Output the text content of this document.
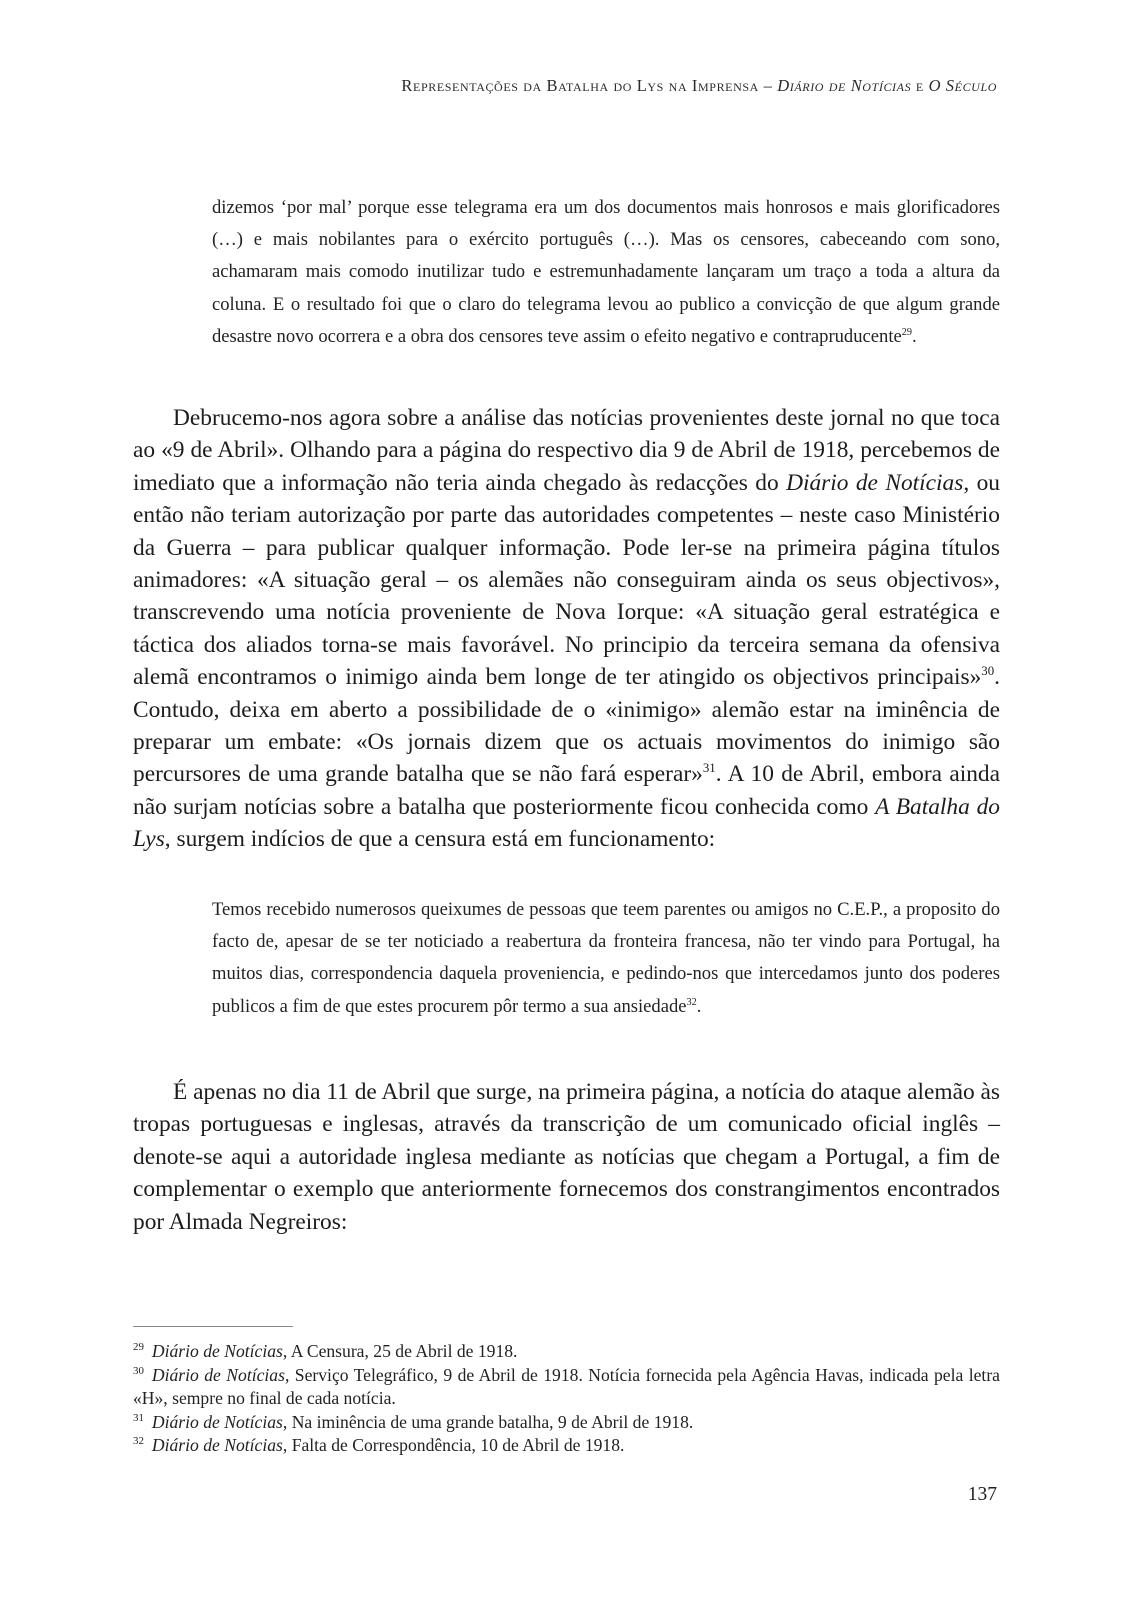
Representações da Batalha do Lys na Imprensa – Diário de Notícias e O Século

dizemos ‘por mal’ porque esse telegrama era um dos documentos mais honrosos e mais glorificadores (…) e mais nobilantes para o exército português (…). Mas os censores, cabeceando com sono, achamaram mais comodo inutilizar tudo e estremunhadamente lançaram um traço a toda a altura da coluna. E o resultado foi que o claro do telegrama levou ao publico a convicção de que algum grande desastre novo ocorrera e a obra dos censores teve assim o efeito negativo e contrapruducente$^{29}$.

Debrucemo-nos agora sobre a análise das notícias provenientes deste jornal no que toca ao «9 de Abril». Olhando para a página do respectivo dia 9 de Abril de 1918, percebemos de imediato que a informação não teria ainda chegado às redacções do Diário de Notícias, ou então não teriam autorização por parte das autoridades competentes – neste caso Ministério da Guerra – para publicar qualquer informação. Pode ler-se na primeira página títulos animadores: «A situação geral – os alemães não conseguiram ainda os seus objectivos», transcrevendo uma notícia proveniente de Nova Iorque: «A situação geral estratégica e táctica dos aliados torna-se mais favorável. No principio da terceira semana da ofensiva alemã encontramos o inimigo ainda bem longe de ter atingido os objectivos principais»$^{30}$. Contudo, deixa em aberto a possibilidade de o «inimigo» alemão estar na iminência de preparar um embate: «Os jornais dizem que os actuais movimentos do inimigo são percursores de uma grande batalha que se não fará esperar»$^{31}$. A 10 de Abril, embora ainda não surjam notícias sobre a batalha que posteriormente ficou conhecida como A Batalha do Lys, surgem indícios de que a censura está em funcionamento:

Temos recebido numerosos queixumes de pessoas que teem parentes ou amigos no C.E.P., a proposito do facto de, apesar de se ter noticiado a reabertura da fronteira francesa, não ter vindo para Portugal, ha muitos dias, correspondencia daquela proveniencia, e pedindo-nos que intercedamos junto dos poderes publicos a fim de que estes procurem pôr termo a sua ansiedade$^{32}$.

É apenas no dia 11 de Abril que surge, na primeira página, a notícia do ataque alemão às tropas portuguesas e inglesas, através da transcrição de um comunicado oficial inglês – denote-se aqui a autoridade inglesa mediante as notícias que chegam a Portugal, a fim de complementar o exemplo que anteriormente fornecemos dos constrangimentos encontrados por Almada Negreiros:

$^{29}$ Diário de Notícias, A Censura, 25 de Abril de 1918.

$^{30}$ Diário de Notícias, Serviço Telegráfico, 9 de Abril de 1918. Notícia fornecida pela Agência Havas, indicada pela letra «H», sempre no final de cada notícia.

$^{31}$ Diário de Notícias, Na iminência de uma grande batalha, 9 de Abril de 1918.

$^{32}$ Diário de Notícias, Falta de Correspondência, 10 de Abril de 1918.

137
